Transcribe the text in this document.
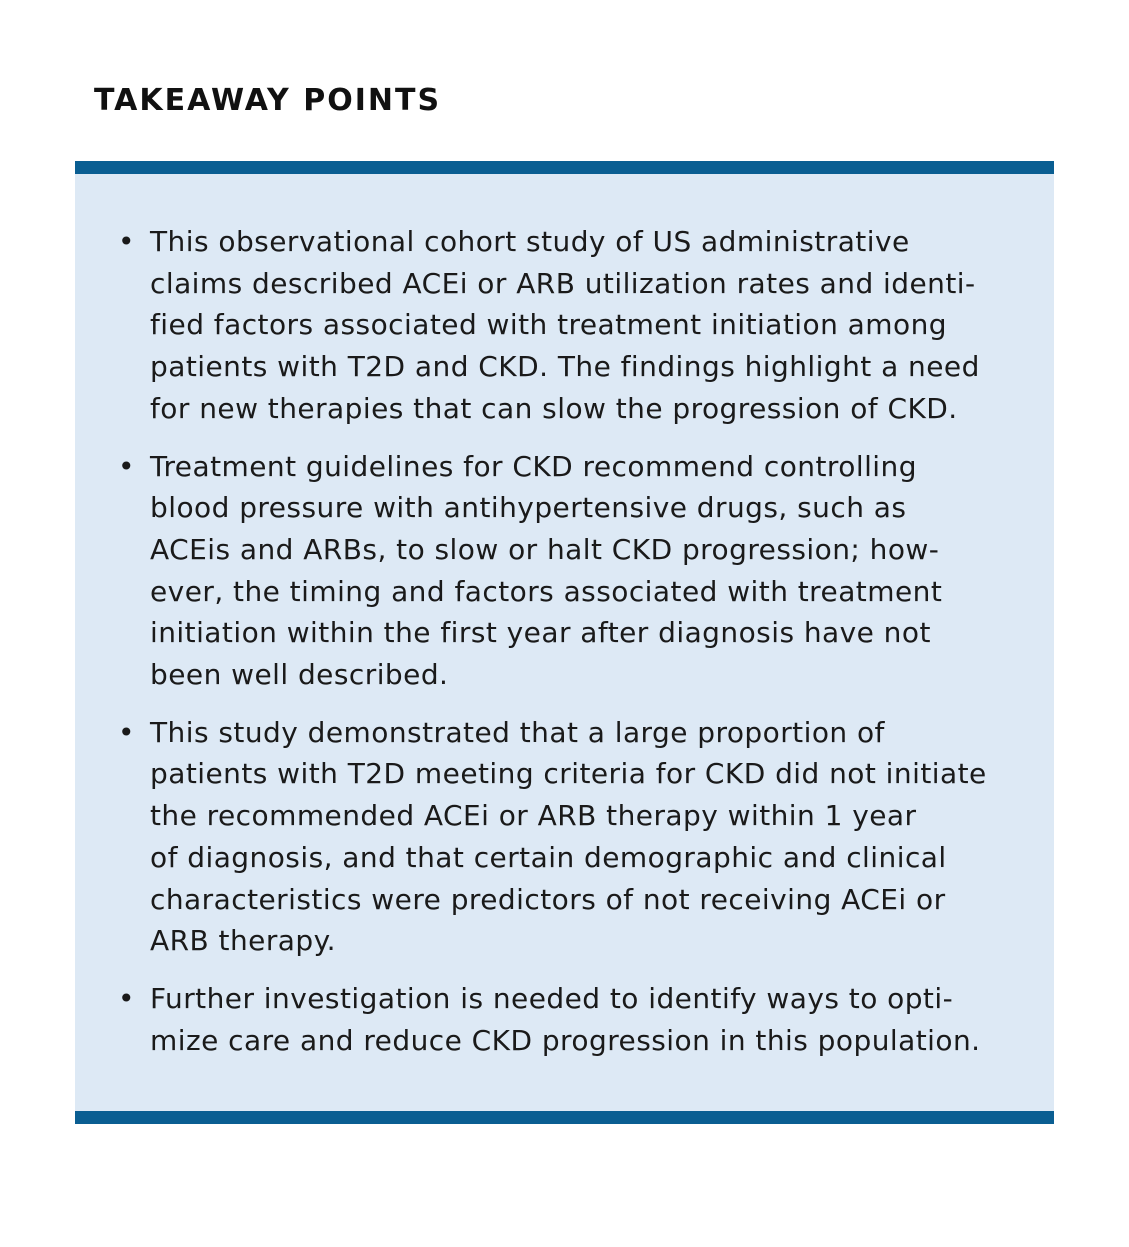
TAKEAWAY POINTS
• This observational cohort study of US administrative
claims described ACEi or ARB utilization rates and identi-
fied factors associated with treatment initiation among
patients with T2D and CKD. The findings highlight a need
for new therapies that can slow the progression of CKD.
• Treatment guidelines for CKD recommend controlling
blood pressure with antihypertensive drugs, such as
ACEis and ARBs, to slow or halt CKD progression; how-
ever, the timing and factors associated with treatment
initiation within the first year after diagnosis have not
been well described.
• This study demonstrated that a large proportion of
patients with T2D meeting criteria for CKD did not initiate
the recommended ACEi or ARB therapy within 1 year
of diagnosis, and that certain demographic and clinical
characteristics were predictors of not receiving ACEi or
ARB therapy.
• Further investigation is needed to identify ways to opti-
mize care and reduce CKD progression in this population.
